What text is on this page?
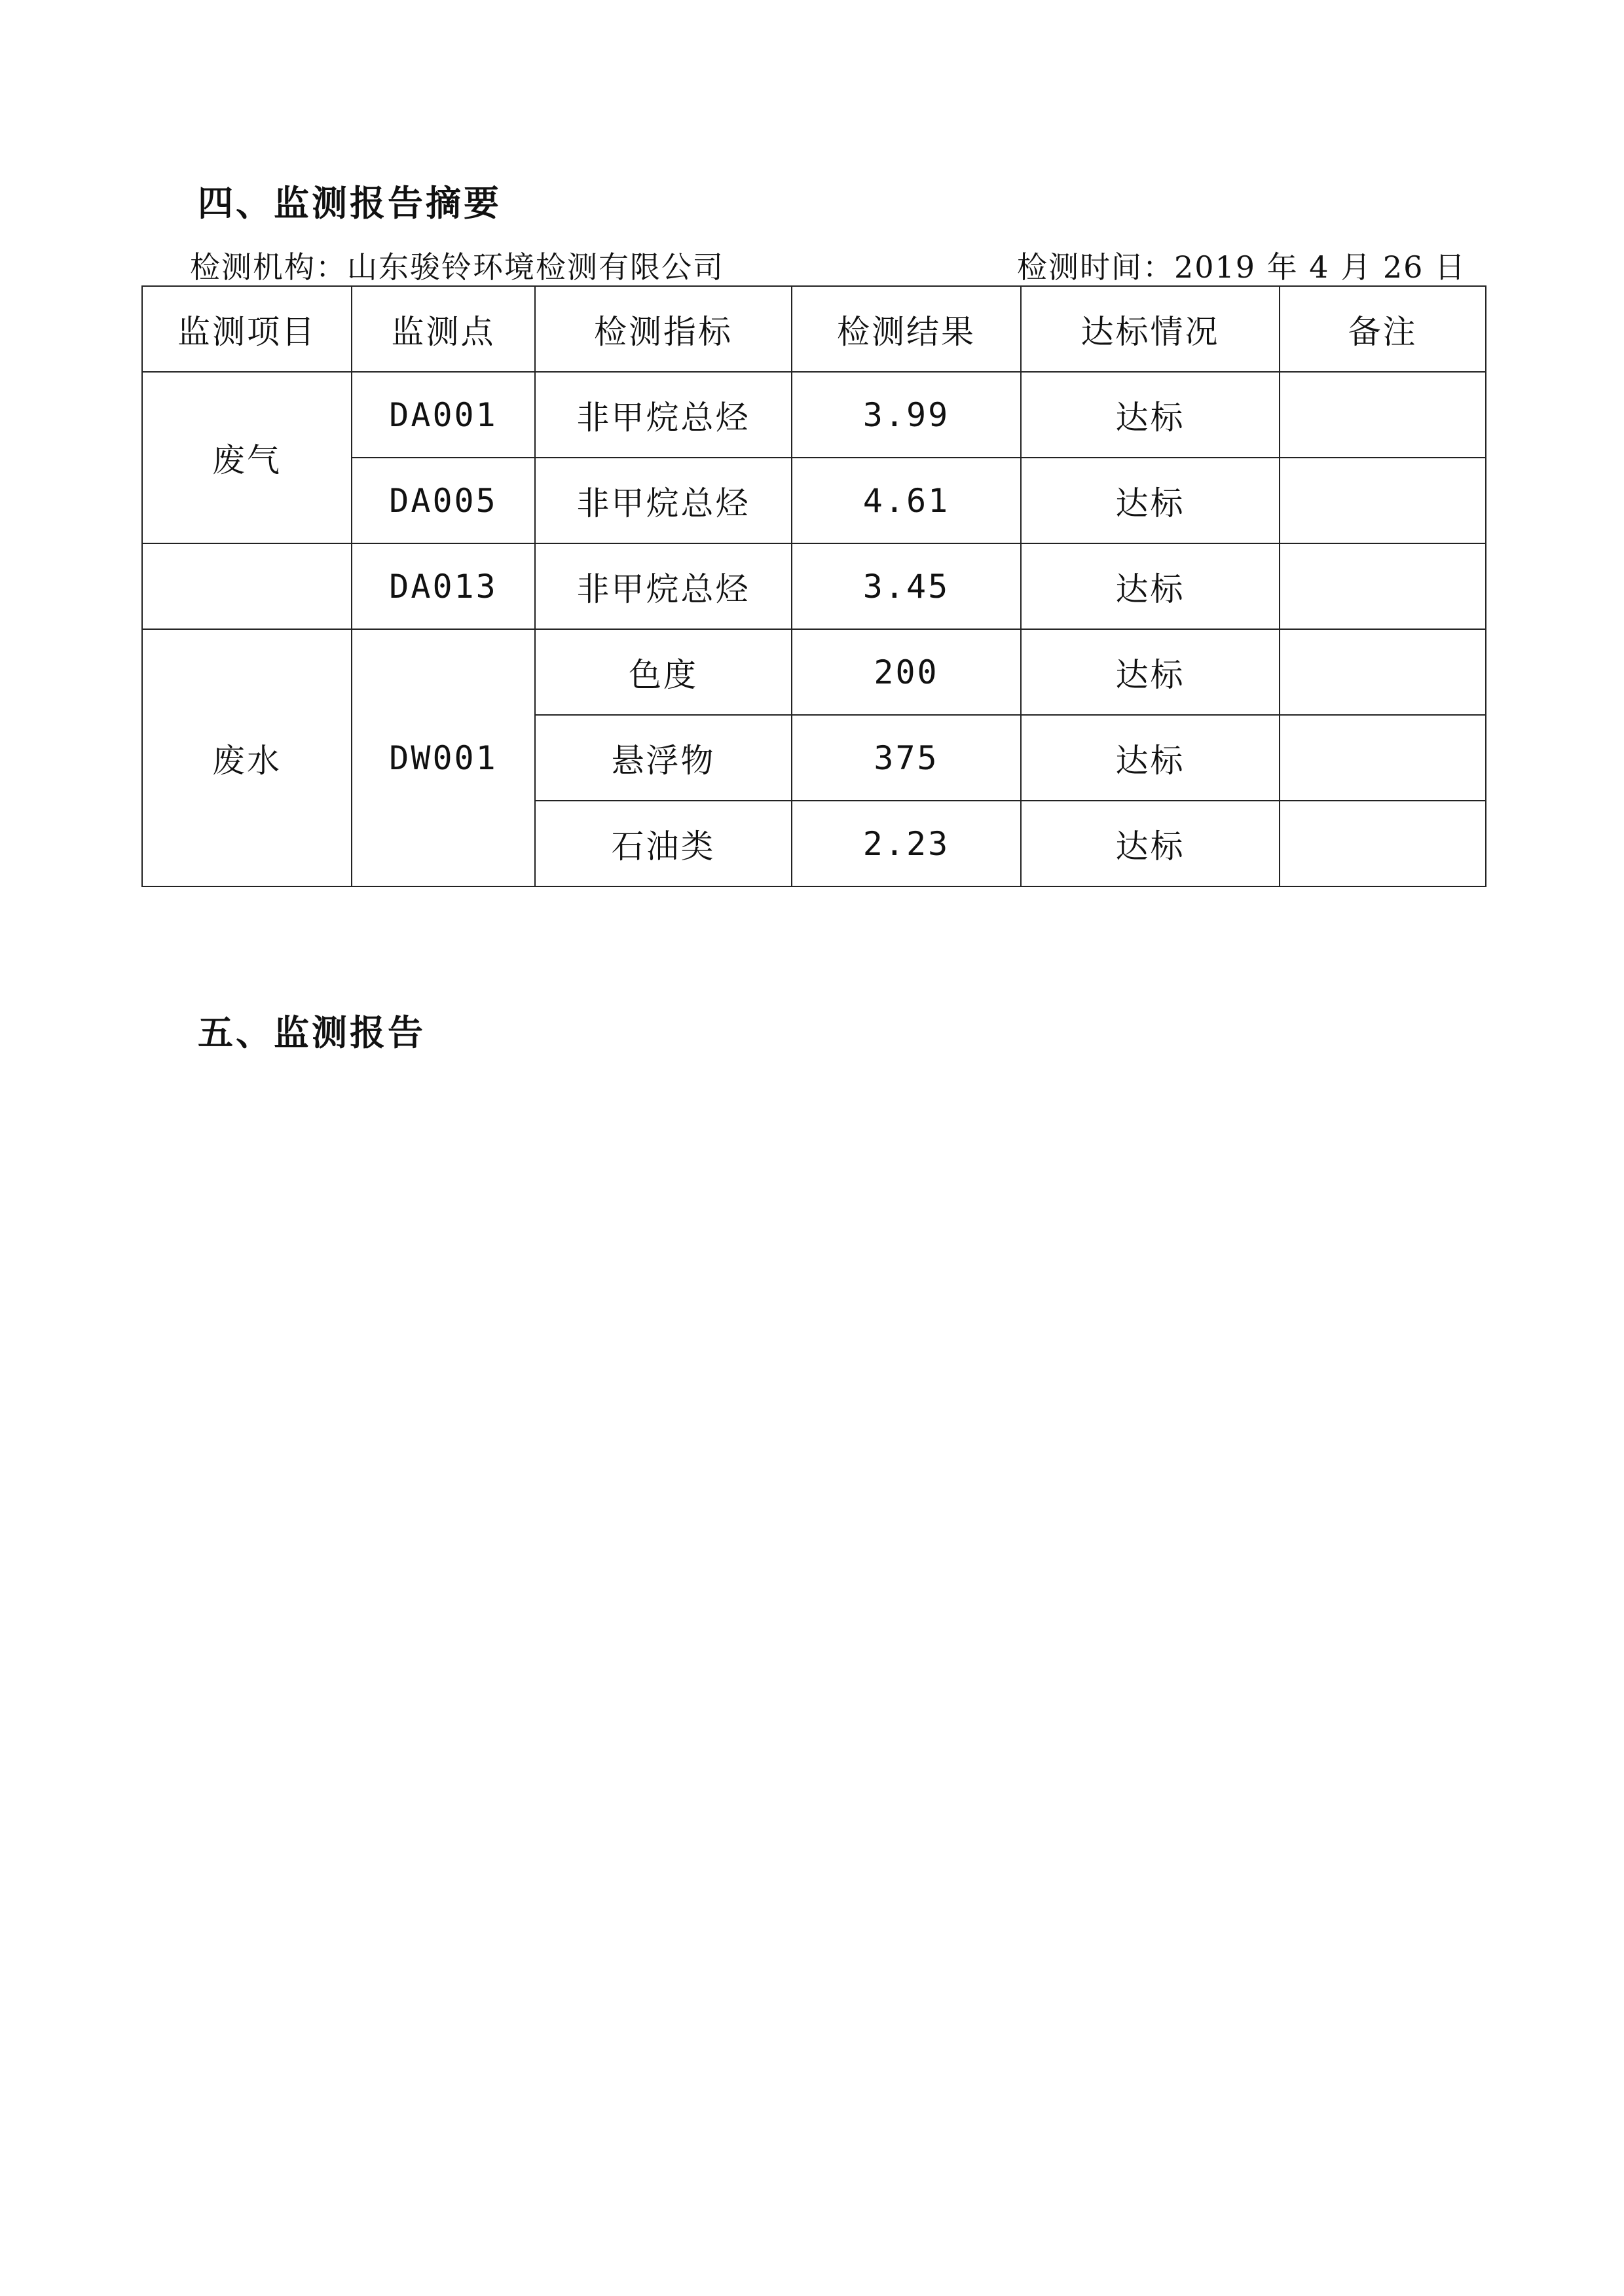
四、监测报告摘要
检测机构：山东骏铃环境检测有限公司	检测时间：2019 年 4 月 26 日
监测项目	监测点	检测指标	检测结果	达标情况	备注
废气	DA001	非甲烷总烃	3.99	达标	
	DA005	非甲烷总烃	4.61	达标	
	DA013	非甲烷总烃	3.45	达标	
废水	DW001	色度	200	达标	
		悬浮物	375	达标	
		石油类	2.23	达标	
五、监测报告
